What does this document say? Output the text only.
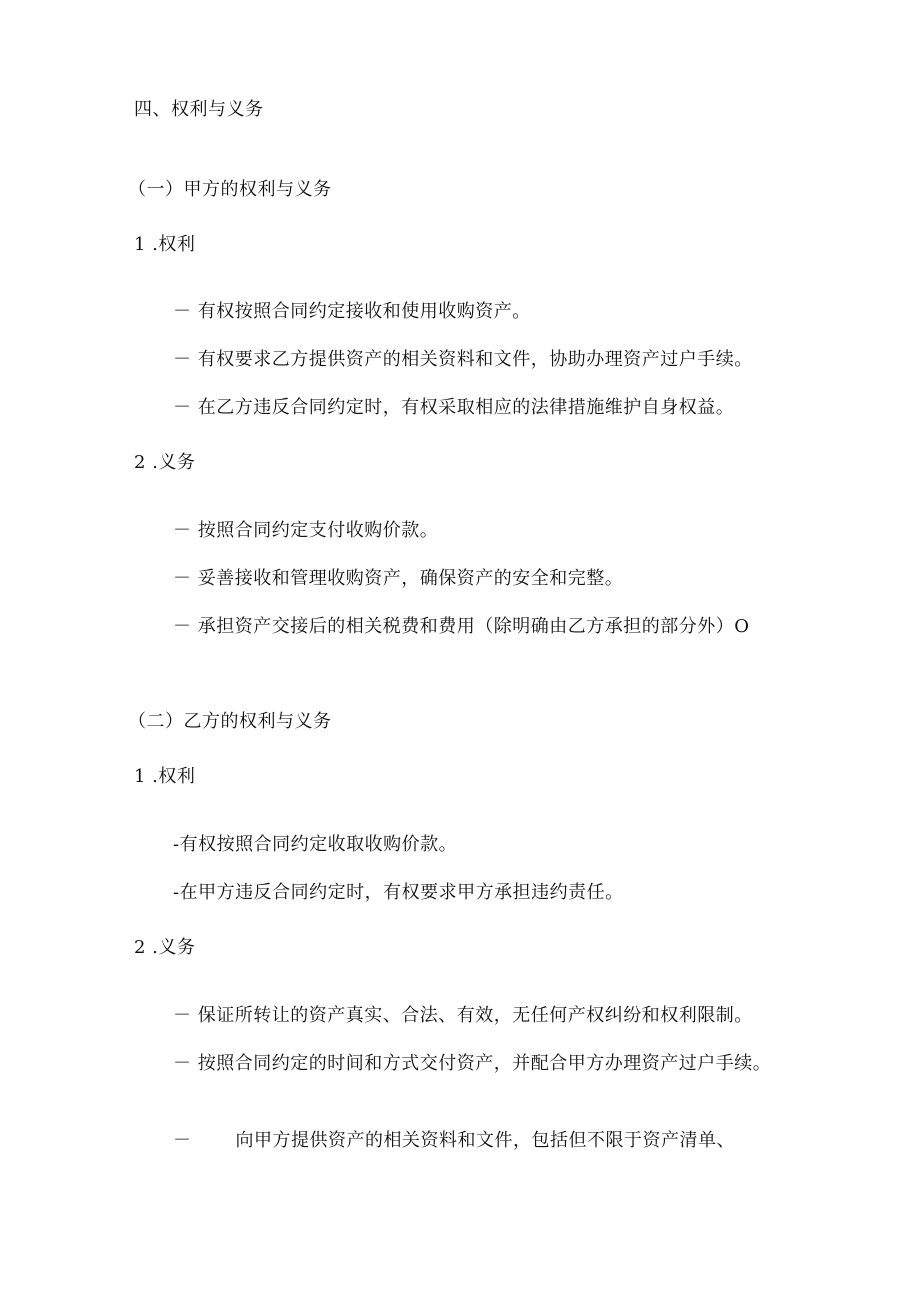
四、权利与义务
（一）甲方的权利与义务
1 .权利
－ 有权按照合同约定接收和使用收购资产。
－ 有权要求乙方提供资产的相关资料和文件，协助办理资产过户手续。
－ 在乙方违反合同约定时，有权采取相应的法律措施维护自身权益。
2 .义务
－ 按照合同约定支付收购价款。
－ 妥善接收和管理收购资产，确保资产的安全和完整。
－ 承担资产交接后的相关税费和费用（除明确由乙方承担的部分外）O
（二）乙方的权利与义务
1 .权利
-有权按照合同约定收取收购价款。
-在甲方违反合同约定时，有权要求甲方承担违约责任。
2 .义务
－ 保证所转让的资产真实、合法、有效，无任何产权纠纷和权利限制。
－ 按照合同约定的时间和方式交付资产，并配合甲方办理资产过户手续。
－ 向甲方提供资产的相关资料和文件，包括但不限于资产清单、
